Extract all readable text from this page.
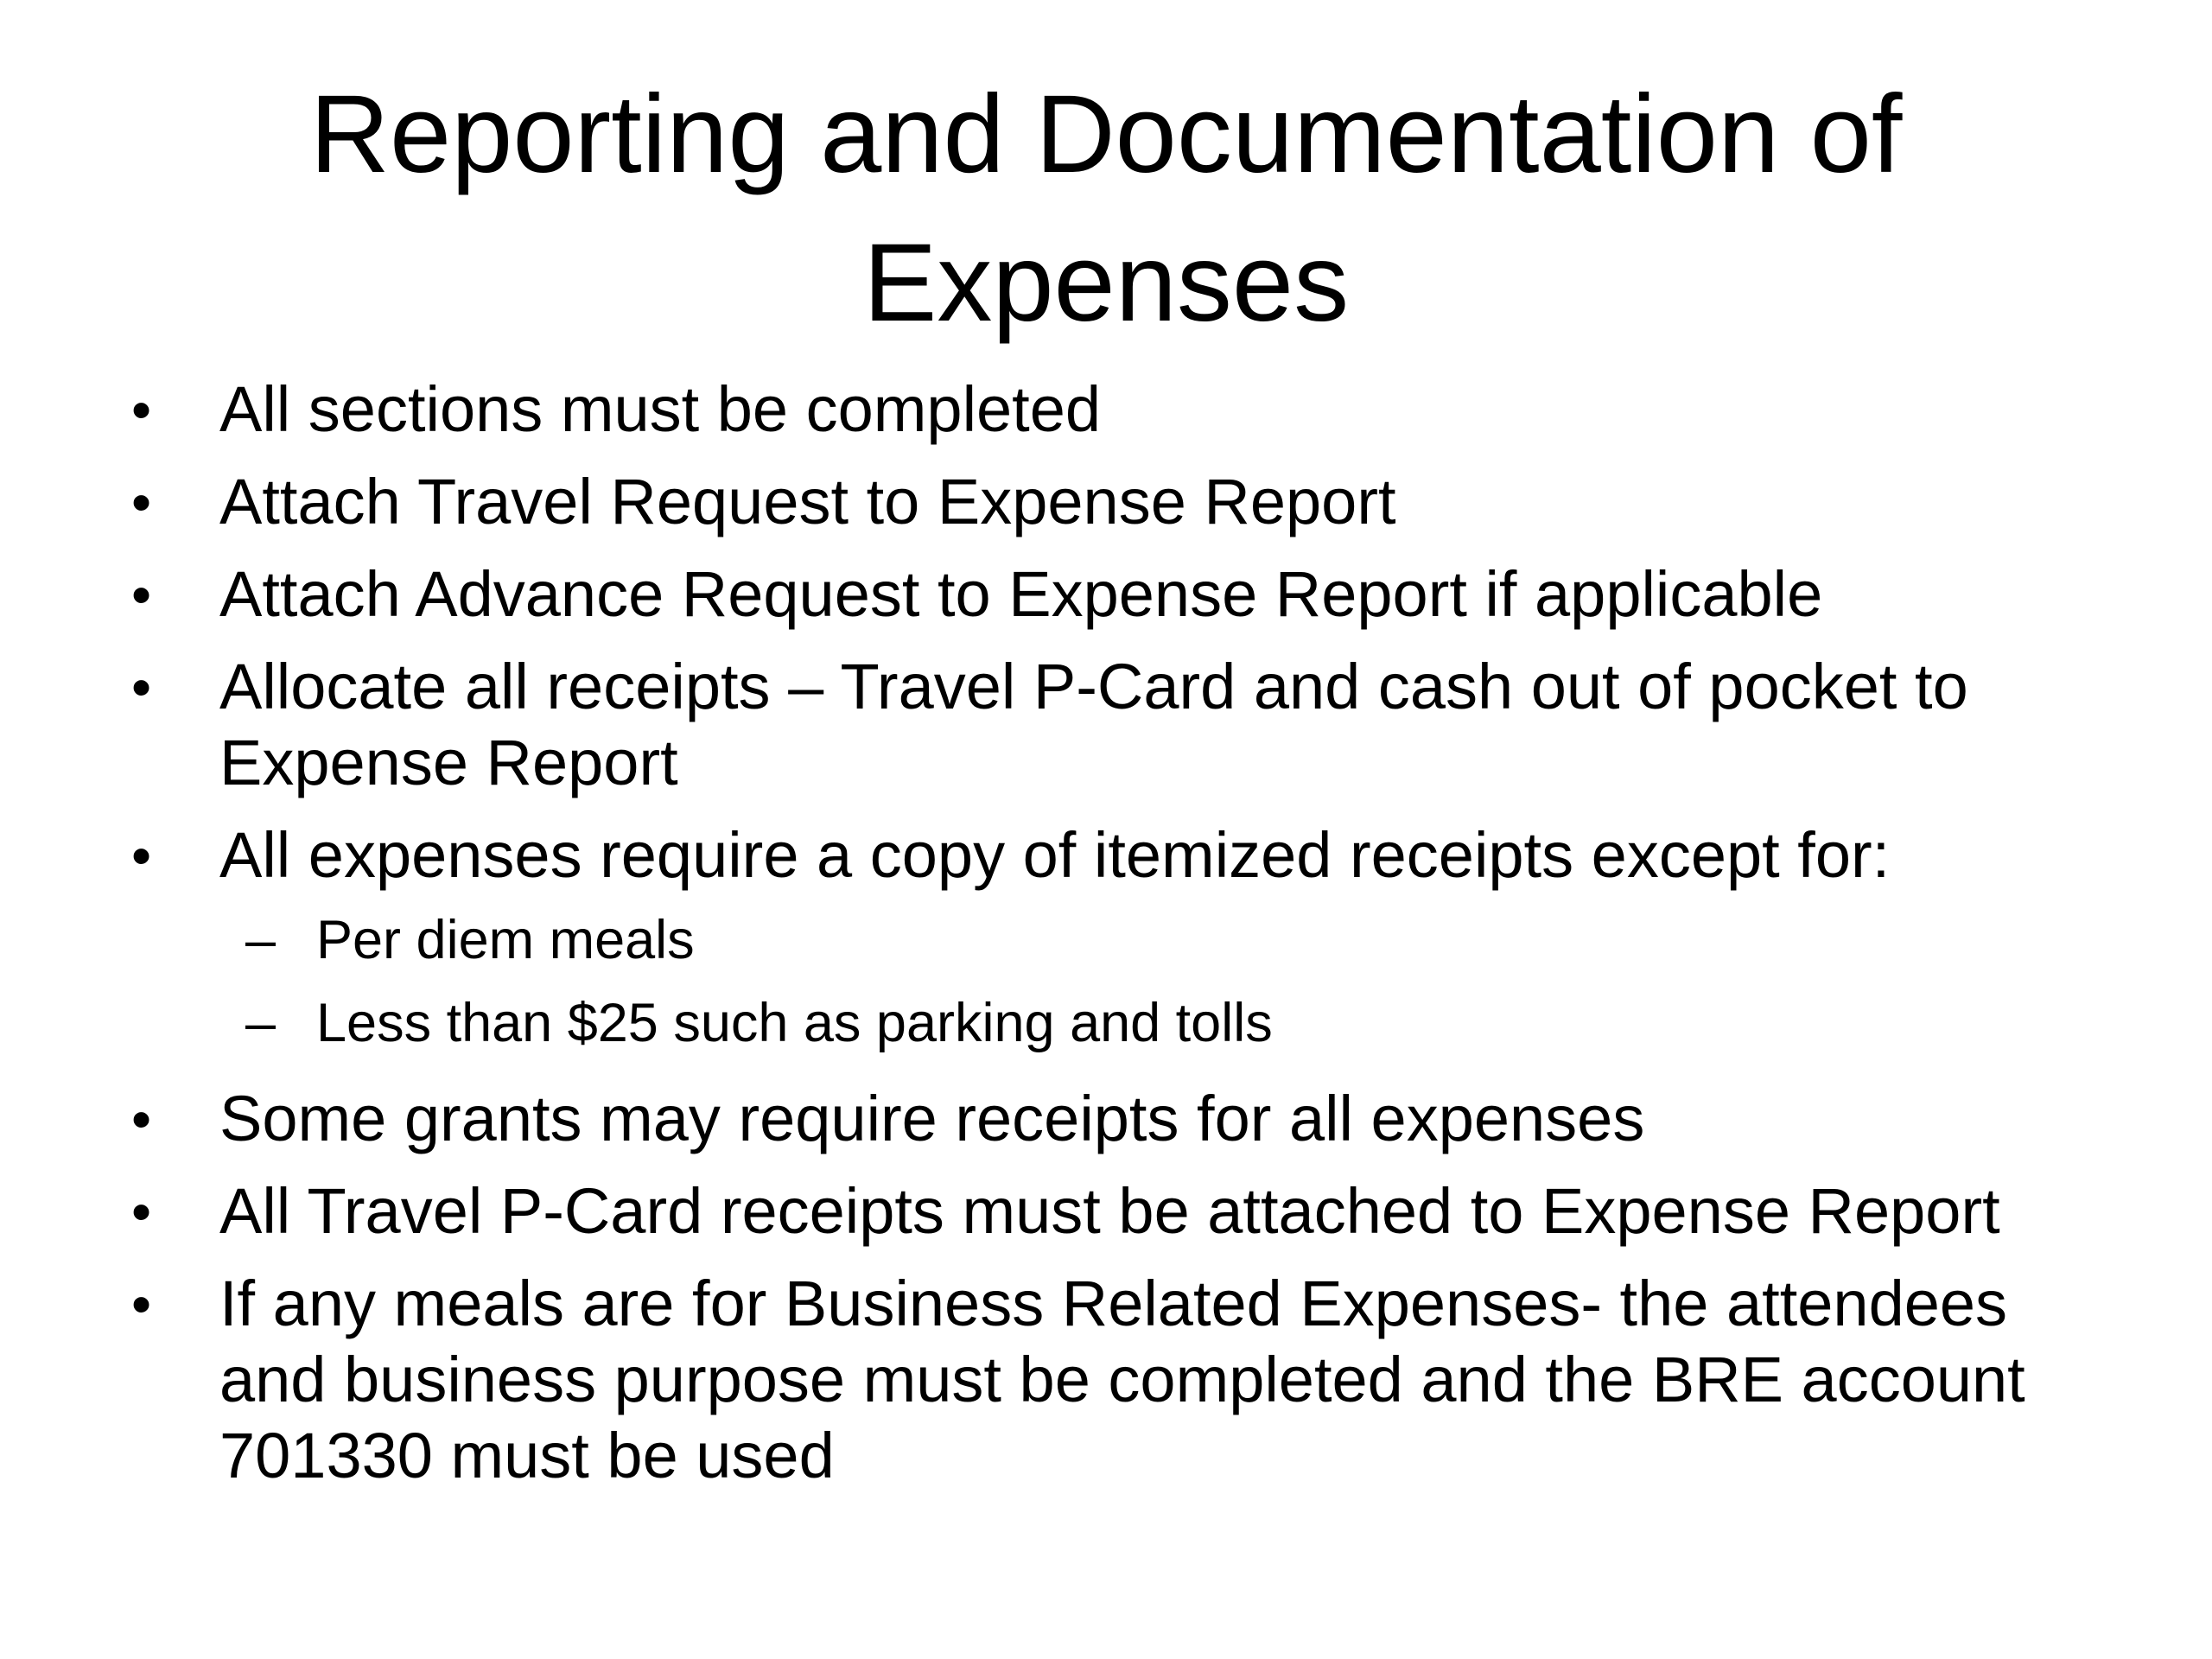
Reporting and Documentation of
Expenses
• All sections must be completed
• Attach Travel Request to Expense Report
• Attach Advance Request to Expense Report if applicable
• Allocate all receipts – Travel P-Card and cash out of pocket to Expense Report
• All expenses require a copy of itemized receipts except for:
– Per diem meals
– Less than $25 such as parking and tolls
• Some grants may require receipts for all expenses
• All Travel P-Card receipts must be attached to Expense Report
• If any meals are for Business Related Expenses- the attendees and business purpose must be completed and the BRE account 701330 must be used
